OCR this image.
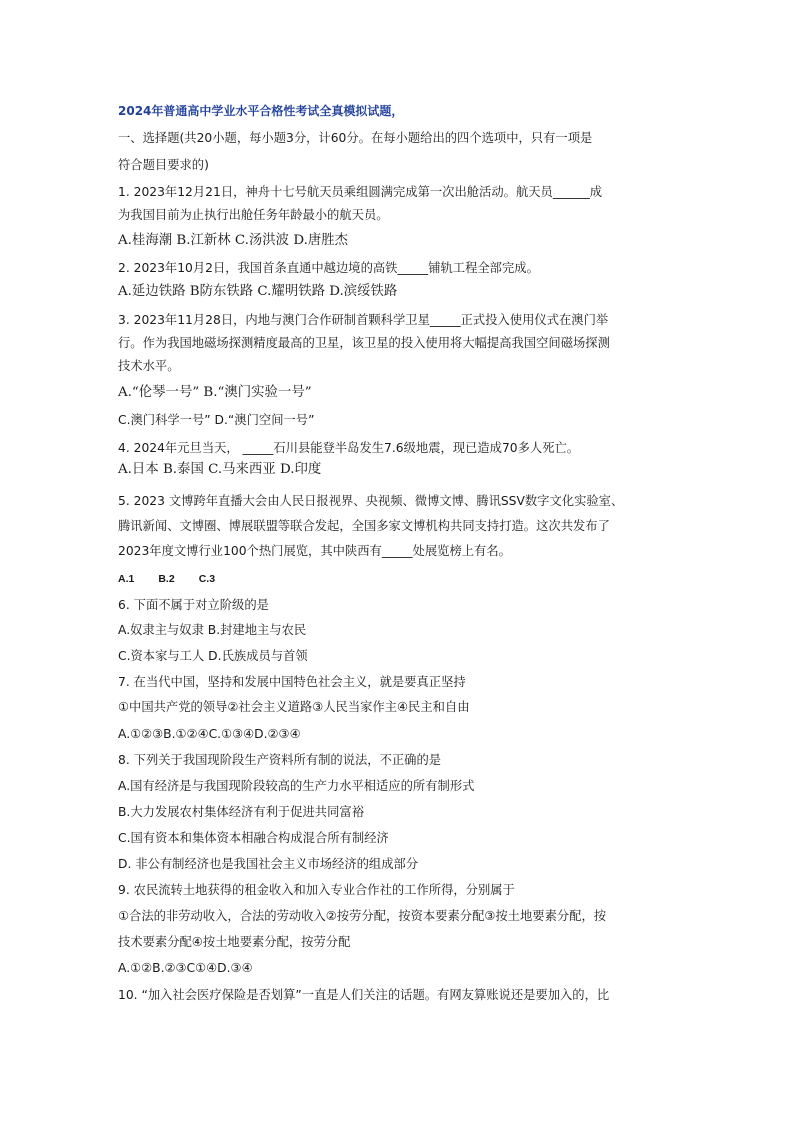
2024年普通高中学业水平合格性考试全真模拟试题，
一、选择题(共20小题，每小题3分，计60分。在每小题给出的四个选项中，只有一项是
符合题目要求的)
1. 2023年12月21日，神舟十七号航天员乘组圆满完成第一次出舱活动。航天员______成
为我国目前为止执行出舱任务年龄最小的航天员。
A.桂海潮 B.江新林 C.汤洪波 D.唐胜杰
2. 2023年10月2日，我国首条直通中越边境的高铁_____铺轨工程全部完成。
A.延边铁路 B防东铁路 C.耀明铁路 D.滨绥铁路
3. 2023年11月28日，内地与澳门合作研制首颗科学卫星_____正式投入使用仪式在澳门举
行。作为我国地磁场探测精度最高的卫星，该卫星的投入使用将大幅提高我国空间磁场探测
技术水平。
A.“伦琴一号” B.“澳门实验一号”
C.澳门科学一号” D.“澳门空间一号”
4. 2024年元旦当天， _____石川县能登半岛发生7.6级地震，现已造成70多人死亡。
A.日本 B.泰国 C.马来西亚 D.印度
5. 2023 文博跨年直播大会由人民日报视界、央视频、微博文博、腾讯SSV数字文化实验室、
腾讯新闻、文博圈、博展联盟等联合发起，全国多家文博机构共同支持打造。这次共发布了
2023年度文博行业100个热门展览，其中陕西有_____处展览榜上有名。
A.1 B.2 C.3
6. 下面不属于对立阶级的是
A.奴隶主与奴隶 B.封建地主与农民
C.资本家与工人 D.氏族成员与首领
7. 在当代中国，坚持和发展中国特色社会主义，就是要真正坚持
①中国共产党的领导②社会主义道路③人民当家作主④民主和自由
A.①②③B.①②④C.①③④D.②③④
8. 下列关于我国现阶段生产资料所有制的说法，不正确的是
A.国有经济是与我国现阶段较高的生产力水平相适应的所有制形式
B.大力发展农村集体经济有利于促进共同富裕
C.国有资本和集体资本相融合构成混合所有制经济
D. 非公有制经济也是我国社会主义市场经济的组成部分
9. 农民流转土地获得的租金收入和加入专业合作社的工作所得，分别属于
①合法的非劳动收入，合法的劳动收入②按劳分配，按资本要素分配③按土地要素分配，按
技术要素分配④按土地要素分配，按劳分配
A.①②B.②③C①④D.③④
10. “加入社会医疗保险是否划算”一直是人们关注的话题。有网友算账说还是要加入的，比
